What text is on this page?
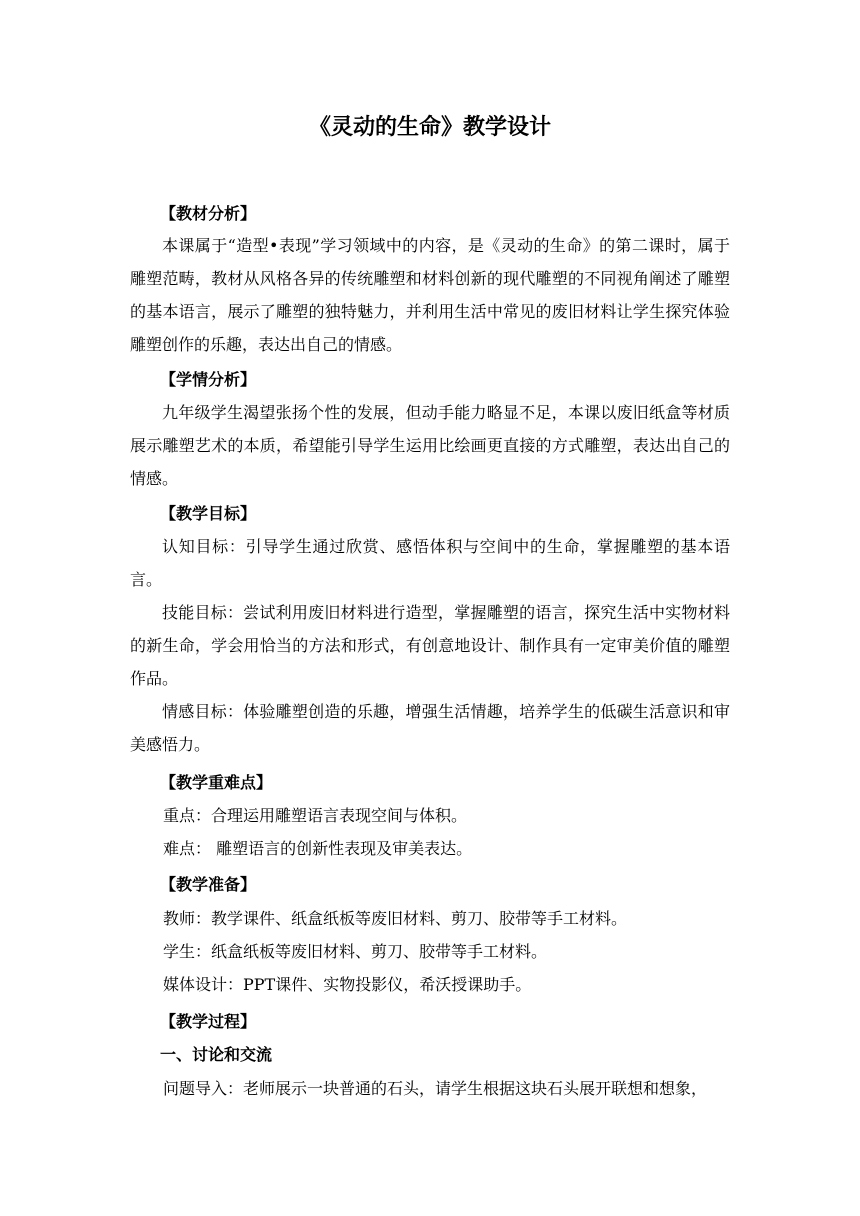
《灵动的生命》教学设计
【教材分析】

本课属于“造型•表现”学习领域中的内容，是《灵动的生命》的第二课时，属于雕塑范畴，教材从风格各异的传统雕塑和材料创新的现代雕塑的不同视角阐述了雕塑的基本语言，展示了雕塑的独特魅力，并利用生活中常见的废旧材料让学生探究体验雕塑创作的乐趣，表达出自己的情感。

【学情分析】

九年级学生渴望张扬个性的发展，但动手能力略显不足，本课以废旧纸盒等材质展示雕塑艺术的本质，希望能引导学生运用比绘画更直接的方式雕塑，表达出自己的情感。

【教学目标】

认知目标：引导学生通过欣赏、感悟体积与空间中的生命，掌握雕塑的基本语言。

技能目标：尝试利用废旧材料进行造型，掌握雕塑的语言，探究生活中实物材料的新生命，学会用恰当的方法和形式，有创意地设计、制作具有一定审美价值的雕塑作品。

情感目标：体验雕塑创造的乐趣，增强生活情趣，培养学生的低碳生活意识和审美感悟力。

【教学重难点】

重点：合理运用雕塑语言表现空间与体积。

难点： 雕塑语言的创新性表现及审美表达。

【教学准备】

教师：教学课件、纸盒纸板等废旧材料、剪刀、胶带等手工材料。

学生：纸盒纸板等废旧材料、剪刀、胶带等手工材料。

媒体设计：PPT课件、实物投影仪，希沃授课助手。

【教学过程】
一、讨论和交流

问题导入：老师展示一块普通的石头，请学生根据这块石头展开联想和想象，
